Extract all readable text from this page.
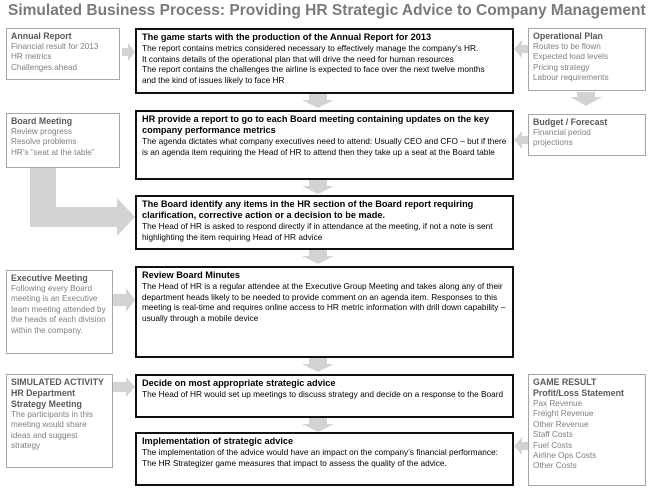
Simulated Business Process: Providing HR Strategic Advice to Company Management
Annual Report
Financial result for 2013
HR metrics
Challenges ahead
Board Meeting
Review progress
Resolve problems
HR’s “seat at the table”
Executive Meeting
Following every Board meeting is an Executive team meeting attended by the heads of each division within the company.
SIMULATED ACTIVITY
HR Department
Strategy Meeting
The participants in this meeting would share ideas and suggest strategy
Operational Plan
Routes to be flown
Expected load levels
Pricing strategy
Labour requirements
Budget / Forecast
Financial period
projections
GAME RESULT
Profit/Loss Statement
Pax Revenue
Freight Revenue
Other Revenue
Staff Costs
Fuel Costs
Airline Ops Costs
Other Costs
The game starts with the production of the Annual Report for 2013
The report contains metrics considered necessary to effectively manage the company’s HR.
It contains details of the operational plan that will drive the need for human resources
The report contains the challenges the airline is expected to face over the next twelve months
and the kind of issues likely to face HR
HR provide a report to go to each Board meeting containing updates on the key company performance metrics
The agenda dictates what company executives need to attend: Usually CEO and CFO – but if there is an agenda item requiring the Head of HR to attend then they take up a seat at the Board table
The Board identify any items in the HR section of the Board report requiring clarification, corrective action or a decision to be made.
The Head of HR is asked to respond directly if in attendance at the meeting, if not a note is sent highlighting the item requiring Head of HR advice
Review Board Minutes
The Head of HR is a regular attendee at the Executive Group Meeting and takes along any of their department heads likely to be needed to provide comment on an agenda item. Responses to this meeting is real-time and requires online access to HR metric information with drill down capability – usually through a mobile device
Decide on most appropriate strategic advice
The Head of HR would set up meetings to discuss strategy and decide on a response to the Board
Implementation of strategic advice
The implementation of the advice would have an impact on the company’s financial performance: The HR Strategizer game measures that impact to assess the quality of the advice.
